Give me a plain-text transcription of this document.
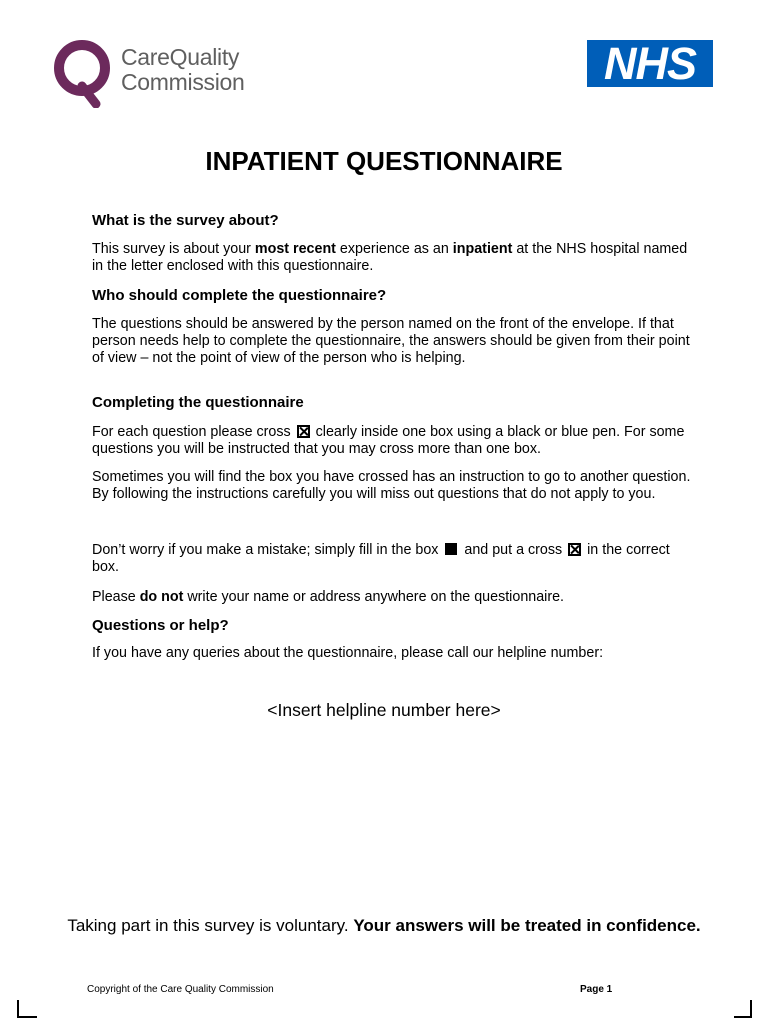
CareQuality
Commission	NHS
INPATIENT QUESTIONNAIRE
What is the survey about?
This survey is about your most recent experience as an inpatient at the NHS hospital named in the letter enclosed with this questionnaire.
Who should complete the questionnaire?
The questions should be answered by the person named on the front of the envelope. If that person needs help to complete the questionnaire, the answers should be given from their point of view – not the point of view of the person who is helping.
Completing the questionnaire
For each question please cross ☒ clearly inside one box using a black or blue pen. For some questions you will be instructed that you may cross more than one box.
Sometimes you will find the box you have crossed has an instruction to go to another question. By following the instructions carefully you will miss out questions that do not apply to you.
Don’t worry if you make a mistake; simply fill in the box and put a cross ☒ in the correct box.
Please do not write your name or address anywhere on the questionnaire.
Questions or help?
If you have any queries about the questionnaire, please call our helpline number:
<Insert helpline number here>
Taking part in this survey is voluntary. Your answers will be treated in confidence.
Copyright of the Care Quality Commission	Page 1
